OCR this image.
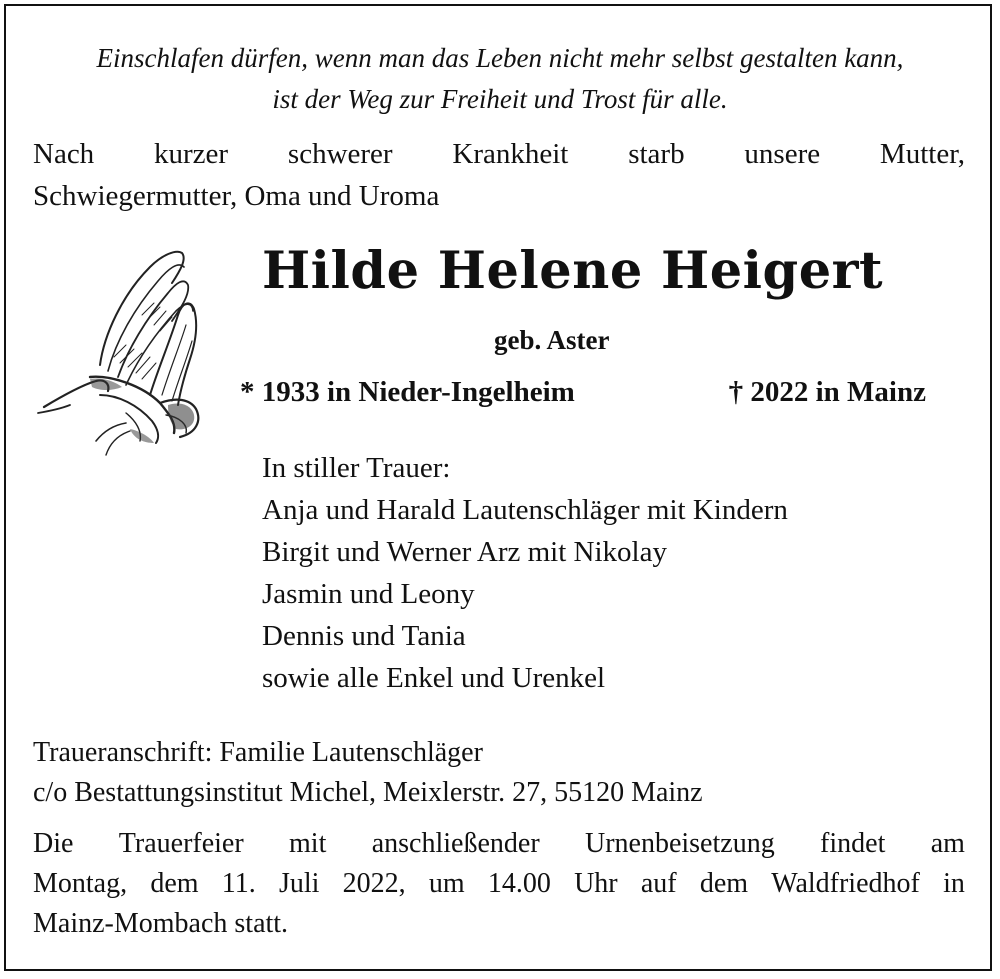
Einschlafen dürfen, wenn man das Leben nicht mehr selbst gestalten kann,
ist der Weg zur Freiheit und Trost für alle.
Nach kurzer schwerer Krankheit starb unsere Mutter,
Schwiegermutter, Oma und Uroma
Hilde Helene Heigert
geb. Aster
* 1933 in Nieder-Ingelheim	† 2022 in Mainz
In stiller Trauer:
Anja und Harald Lautenschläger mit Kindern
Birgit und Werner Arz mit Nikolay
Jasmin und Leony
Dennis und Tania
sowie alle Enkel und Urenkel
Traueranschrift: Familie Lautenschläger
c/o Bestattungsinstitut Michel, Meixlerstr. 27, 55120 Mainz
Die Trauerfeier mit anschließender Urnenbeisetzung findet am
Montag, dem 11. Juli 2022, um 14.00 Uhr auf dem Waldfriedhof in
Mainz-Mombach statt.
